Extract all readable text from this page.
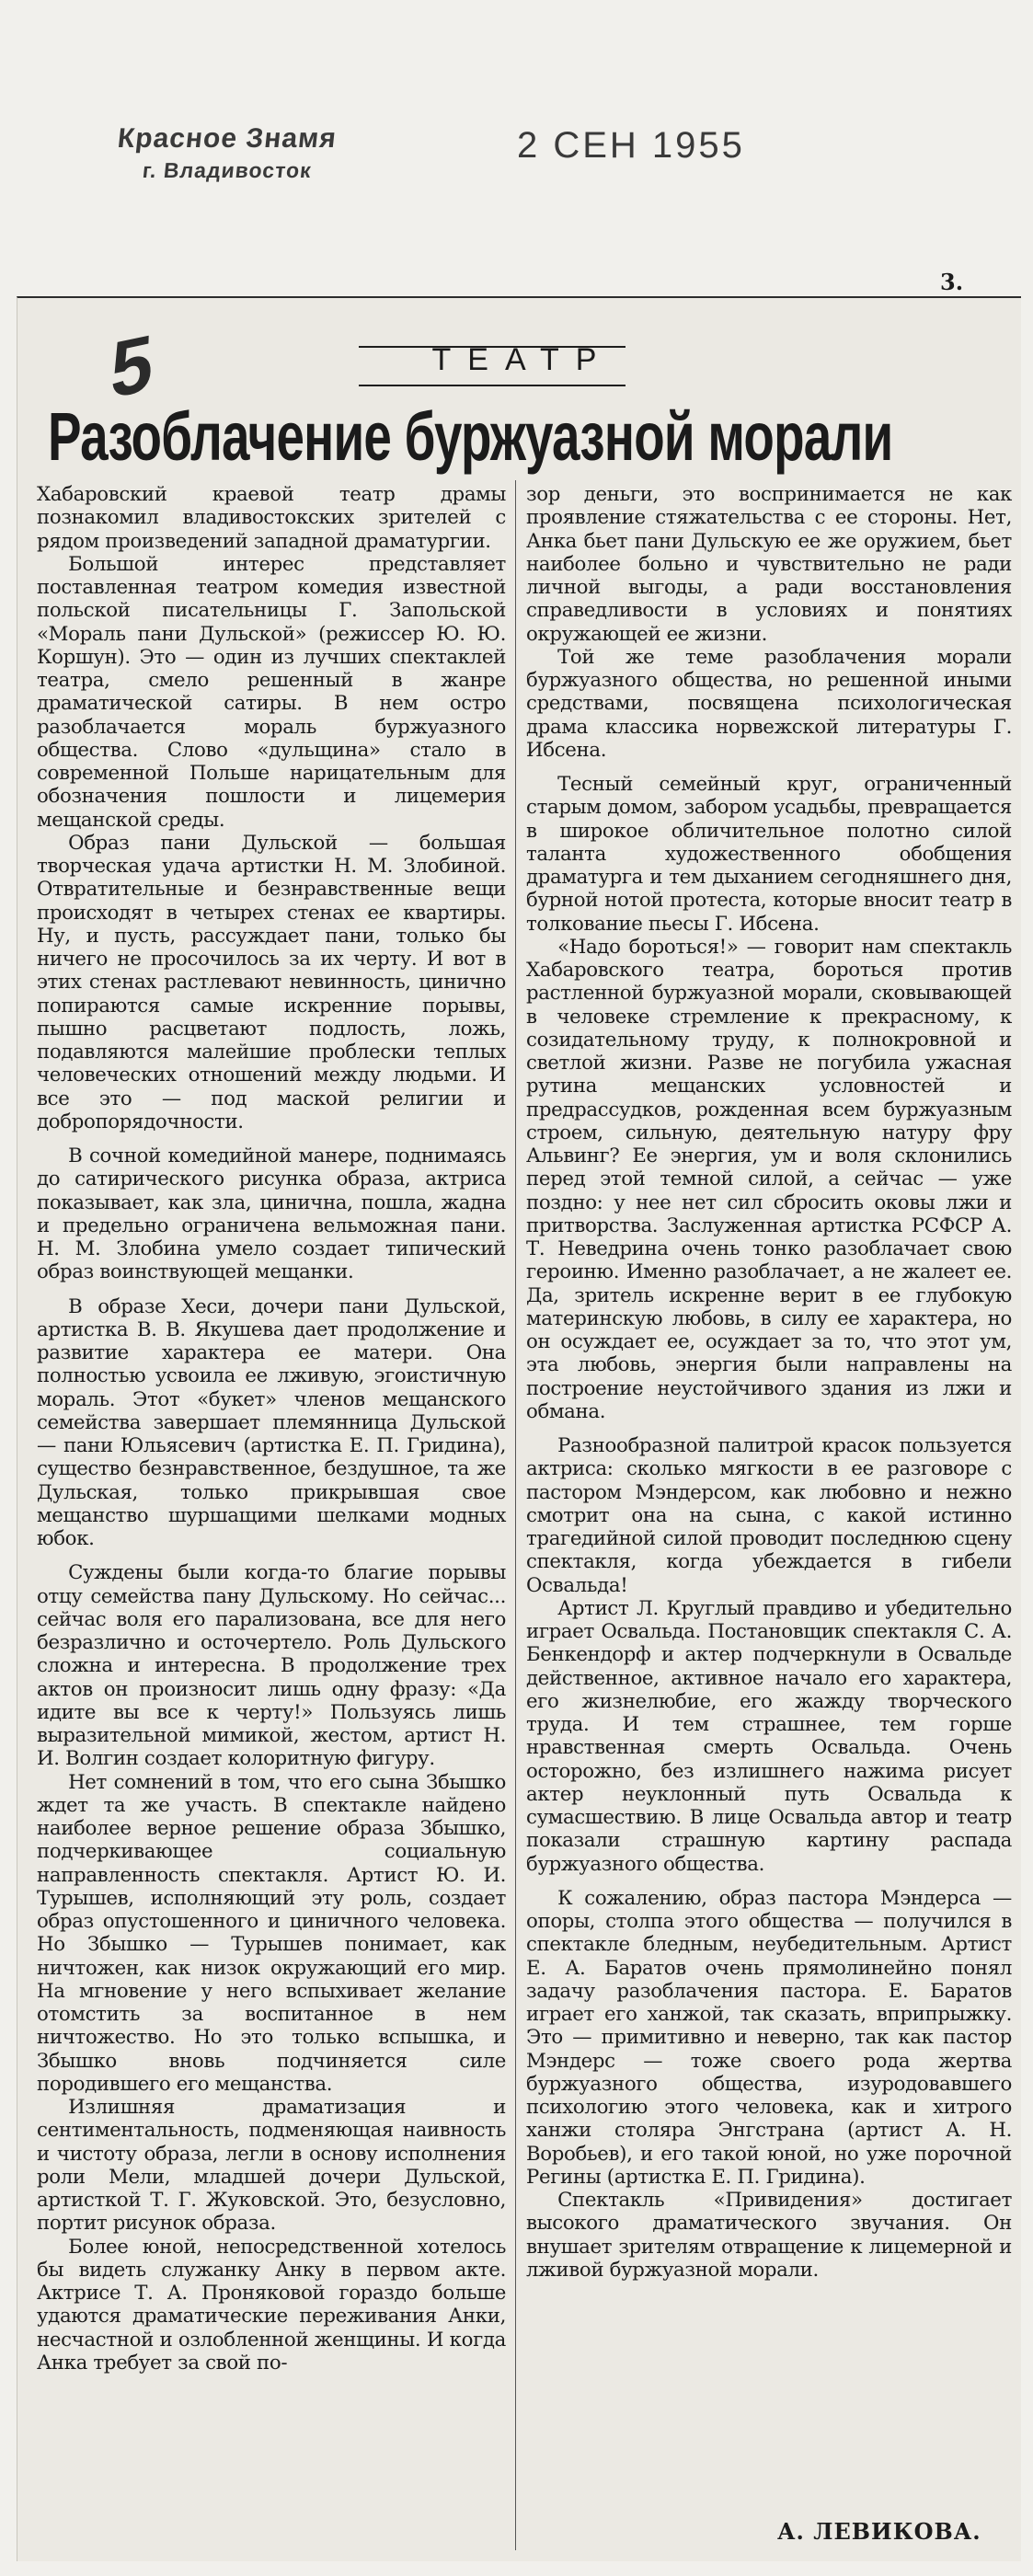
Красное Знамя
г. Владивосток
2 СЕН 1955
3.
5	ТЕАТР
Разоблачение буржуазной морали

Хабаровский краевой театр драмы познакомил владивостокских зрителей с рядом произведений западной драматургии.

Большой интерес представляет поставленная театром комедия известной польской писательницы Г. Запольской «Мораль пани Дульской» (режиссер Ю. Ю. Коршун). Это — один из лучших спектаклей театра, смело решенный в жанре драматической сатиры. В нем остро разоблачается мораль буржуазного общества. Слово «дульщина» стало в современной Польше нарицательным для обозначения пошлости и лицемерия мещанской среды.

Образ пани Дульской — большая творческая удача артистки Н. М. Злобиной. Отвратительные и безнравственные вещи происходят в четырех стенах ее квартиры. Ну, и пусть, рассуждает пани, только бы ничего не просочилось за их черту. И вот в этих стенах растлевают невинность, цинично попираются самые искренние порывы, пышно расцветают подлость, ложь, подавляются малейшие проблески теплых человеческих отношений между людьми. И все это — под маской религии и добропорядочности.

В сочной комедийной манере, поднимаясь до сатирического рисунка образа, актриса показывает, как зла, цинична, пошла, жадна и предельно ограничена вельможная пани. Н. М. Злобина умело создает типический образ воинствующей мещанки.

В образе Хеси, дочери пани Дульской, артистка В. В. Якушева дает продолжение и развитие характера ее матери. Она полностью усвоила ее лживую, эгоистичную мораль. Этот «букет» членов мещанского семейства завершает племянница Дульской — пани Юльясевич (артистка Е. П. Гридина), существо безнравственное, бездушное, та же Дульская, только прикрывшая свое мещанство шуршащими шелками модных юбок.

Суждены были когда-то благие порывы отцу семейства пану Дульскому. Но сейчас... сейчас воля его парализована, все для него безразлично и осточертело. Роль Дульского сложна и интересна. В продолжение трех актов он произносит лишь одну фразу: «Да идите вы все к черту!» Пользуясь лишь выразительной мимикой, жестом, артист Н. И. Волгин создает колоритную фигуру.

Нет сомнений в том, что его сына Збышко ждет та же участь. В спектакле найдено наиболее верное решение образа Збышко, подчеркивающее социальную направленность спектакля. Артист Ю. И. Турышев, исполняющий эту роль, создает образ опустошенного и циничного человека. Но Збышко — Турышев понимает, как ничтожен, как низок окружающий его мир. На мгновение у него вспыхивает желание отомстить за воспитанное в нем ничтожество. Но это только вспышка, и Збышко вновь подчиняется силе породившего его мещанства.

Излишняя драматизация и сентиментальность, подменяющая наивность и чистоту образа, легли в основу исполнения роли Мели, младшей дочери Дульской, артисткой Т. Г. Жуковской. Это, безусловно, портит рисунок образа.

Более юной, непосредственной хотелось бы видеть служанку Анку в первом акте. Актрисе Т. А. Проняковой гораздо больше удаются драматические переживания Анки, несчастной и озлобленной женщины. И когда Анка требует за свой по-

зор деньги, это воспринимается не как проявление стяжательства с ее стороны. Нет, Анка бьет пани Дульскую ее же оружием, бьет наиболее больно и чувствительно не ради личной выгоды, а ради восстановления справедливости в условиях и понятиях окружающей ее жизни.

Той же теме разоблачения морали буржуазного общества, но решенной иными средствами, посвящена психологическая драма классика норвежской литературы Г. Ибсена.

Тесный семейный круг, ограниченный старым домом, забором усадьбы, превращается в широкое обличительное полотно силой таланта художественного обобщения драматурга и тем дыханием сегодняшнего дня, бурной нотой протеста, которые вносит театр в толкование пьесы Г. Ибсена.

«Надо бороться!» — говорит нам спектакль Хабаровского театра, бороться против растленной буржуазной морали, сковывающей в человеке стремление к прекрасному, к созидательному труду, к полнокровной и светлой жизни. Разве не погубила ужасная рутина мещанских условностей и предрассудков, рожденная всем буржуазным строем, сильную, деятельную натуру фру Альвинг? Ее энергия, ум и воля склонились перед этой темной силой, а сейчас — уже поздно: у нее нет сил сбросить оковы лжи и притворства. Заслуженная артистка РСФСР А. Т. Неведрина очень тонко разоблачает свою героиню. Именно разоблачает, а не жалеет ее. Да, зритель искренне верит в ее глубокую материнскую любовь, в силу ее характера, но он осуждает ее, осуждает за то, что этот ум, эта любовь, энергия были направлены на построение неустойчивого здания из лжи и обмана.

Разнообразной палитрой красок пользуется актриса: сколько мягкости в ее разговоре с пастором Мэндерсом, как любовно и нежно смотрит она на сына, с какой истинно трагедийной силой проводит последнюю сцену спектакля, когда убеждается в гибели Освальда!

Артист Л. Круглый правдиво и убедительно играет Освальда. Постановщик спектакля С. А. Бенкендорф и актер подчеркнули в Освальде действенное, активное начало его характера, его жизнелюбие, его жажду творческого труда. И тем страшнее, тем горше нравственная смерть Освальда. Очень осторожно, без излишнего нажима рисует актер неуклонный путь Освальда к сумасшествию. В лице Освальда автор и театр показали страшную картину распада буржуазного общества.

К сожалению, образ пастора Мэндерса — опоры, столпа этого общества — получился в спектакле бледным, неубедительным. Артист Е. А. Баратов очень прямолинейно понял задачу разоблачения пастора. Е. Баратов играет его ханжой, так сказать, вприпрыжку. Это — примитивно и неверно, так как пастор Мэндерс — тоже своего рода жертва буржуазного общества, изуродовавшего психологию этого человека, как и хитрого ханжи столяра Энгстрана (артист А. Н. Воробьев), и его такой юной, но уже порочной Регины (артистка Е. П. Гридина).

Спектакль «Привидения» достигает высокого драматического звучания. Он внушает зрителям отвращение к лицемерной и лживой буржуазной морали.

А. ЛЕВИКОВА.
